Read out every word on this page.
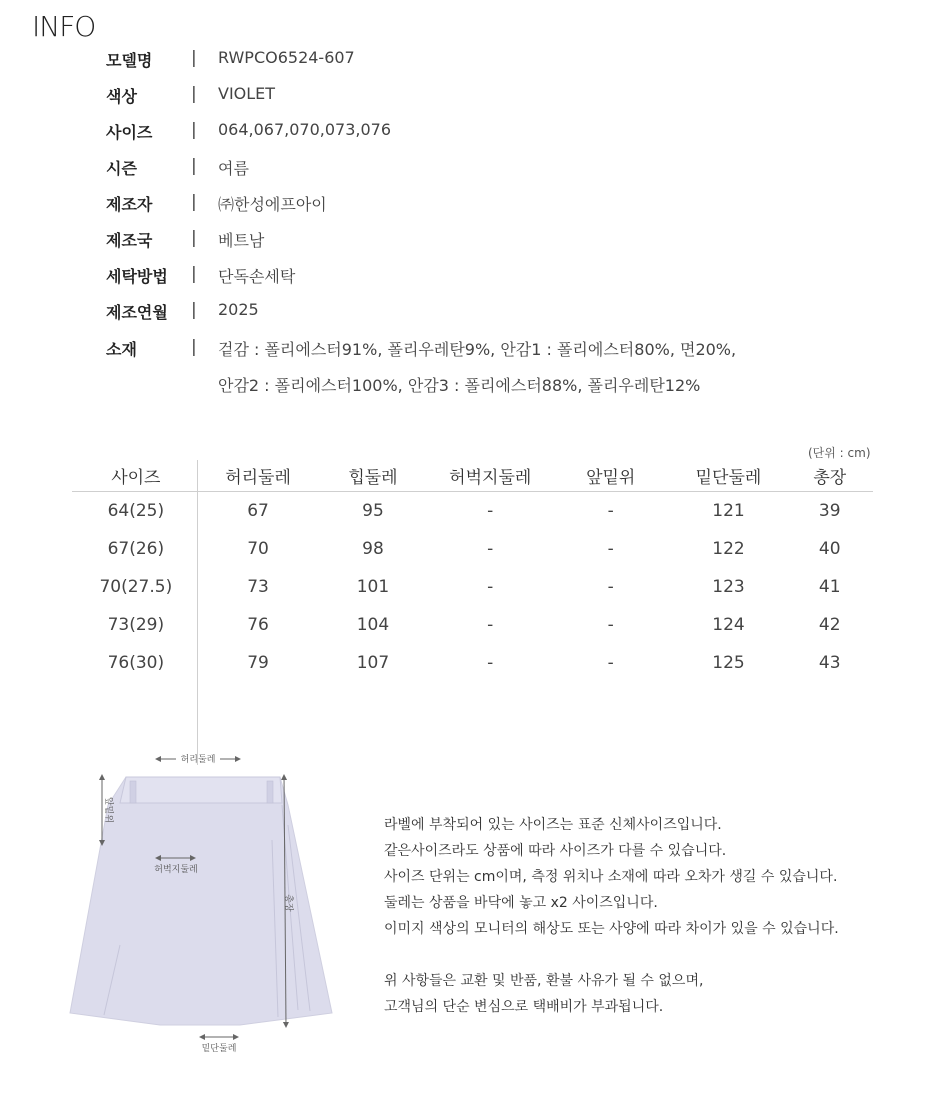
INFO
모델명	| RWPCO6524-607
색상	| VIOLET
사이즈	| 064,067,070,073,076
시즌	| 여름
제조자	| ㈜한성에프아이
제조국	| 베트남
세탁방법	| 단독손세탁
제조연월	| 2025
소재	| 겉감 : 폴리에스터91%, 폴리우레탄9%, 안감1 : 폴리에스터80%, 면20%,
안감2 : 폴리에스터100%, 안감3 : 폴리에스터88%, 폴리우레탄12%
(단위 : cm)
사이즈	허리둘레	힙둘레	허벅지둘레	앞밑위	밑단둘레	총장
64(25)	67	95	-	-	121	39
67(26)	70	98	-	-	122	40
70(27.5)	73	101	-	-	123	41
73(29)	76	104	-	-	124	42
76(30)	79	107	-	-	125	43
허리둘레
앞밑위
허벅지둘레
총장
밑단둘레
라벨에 부착되어 있는 사이즈는 표준 신체사이즈입니다.
같은사이즈라도 상품에 따라 사이즈가 다를 수 있습니다.
사이즈 단위는 cm이며, 측정 위치나 소재에 따라 오차가 생길 수 있습니다.
둘레는 상품을 바닥에 놓고 x2 사이즈입니다.
이미지 색상의 모니터의 해상도 또는 사양에 따라 차이가 있을 수 있습니다.
위 사항들은 교환 및 반품, 환불 사유가 될 수 없으며,
고객님의 단순 변심으로 택배비가 부과됩니다.
